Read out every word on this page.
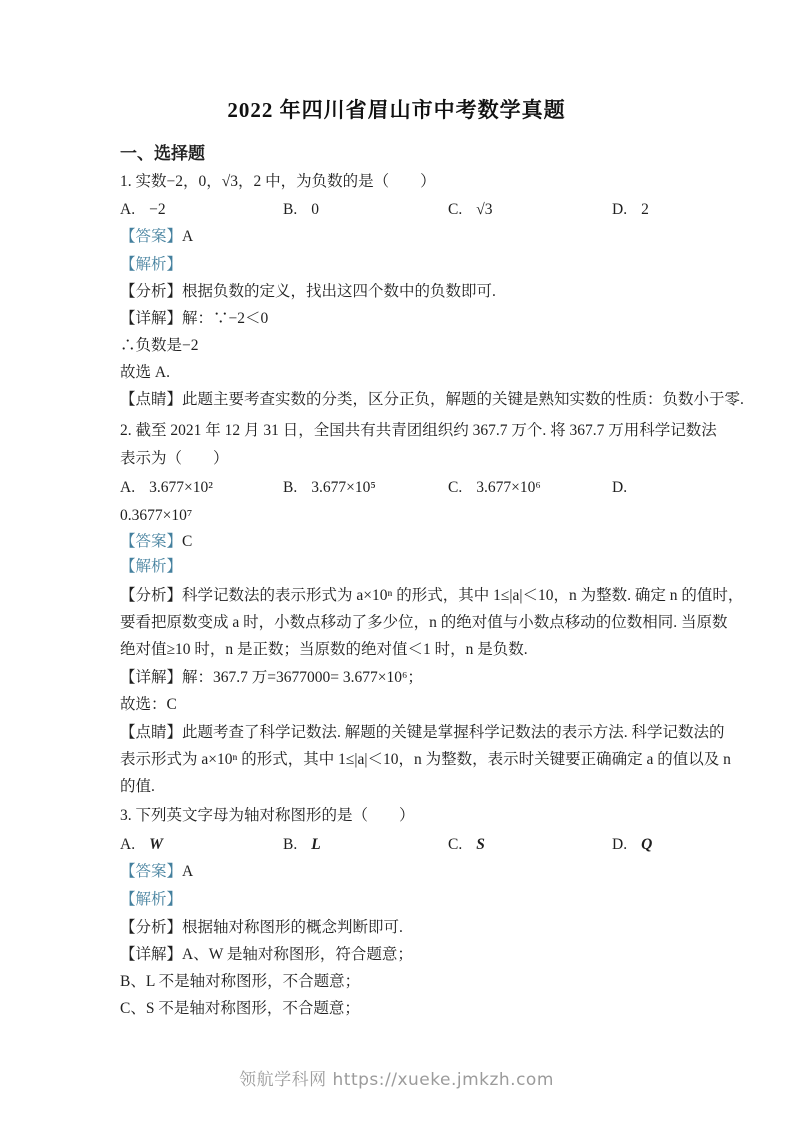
2022 年四川省眉山市中考数学真题
一、选择题
1. 实数−2，0，√3，2 中，为负数的是（　　）

A. −2

	B. 0

	C. √3

	D. 2

【答案】A
【解析】
【分析】根据负数的定义，找出这四个数中的负数即可.
【详解】解：∵−2＜0
∴负数是−2
故选 A.
【点睛】此题主要考查实数的分类，区分正负，解题的关键是熟知实数的性质：负数小于零.
2. 截至 2021 年 12 月 31 日，全国共有共青团组织约 367.7 万个. 将 367.7 万用科学记数法
表示为（　　）

A. 3.677×10²

	B. 3.677×10⁵

	C. 3.677×10⁶

	D.

0.3677×10⁷
【答案】C
【解析】
【分析】科学记数法的表示形式为 a×10ⁿ 的形式，其中 1≤|a|＜10，n 为整数. 确定 n 的值时，
要看把原数变成 a 时，小数点移动了多少位，n 的绝对值与小数点移动的位数相同. 当原数
绝对值≥10 时，n 是正数；当原数的绝对值＜1 时，n 是负数.
【详解】解：367.7 万=3677000= 3.677×10⁶；
故选：C
【点睛】此题考查了科学记数法. 解题的关键是掌握科学记数法的表示方法. 科学记数法的
表示形式为 a×10ⁿ 的形式，其中 1≤|a|＜10，n 为整数，表示时关键要正确确定 a 的值以及 n
的值.
3. 下列英文字母为轴对称图形的是（　　）

A. W

	B. L

	C. S

	D. Q

【答案】A
【解析】
【分析】根据轴对称图形的概念判断即可.
【详解】A、W 是轴对称图形，符合题意；
B、L 不是轴对称图形，不合题意；
C、S 不是轴对称图形，不合题意；
领航学科网 https://xueke.jmkzh.com
